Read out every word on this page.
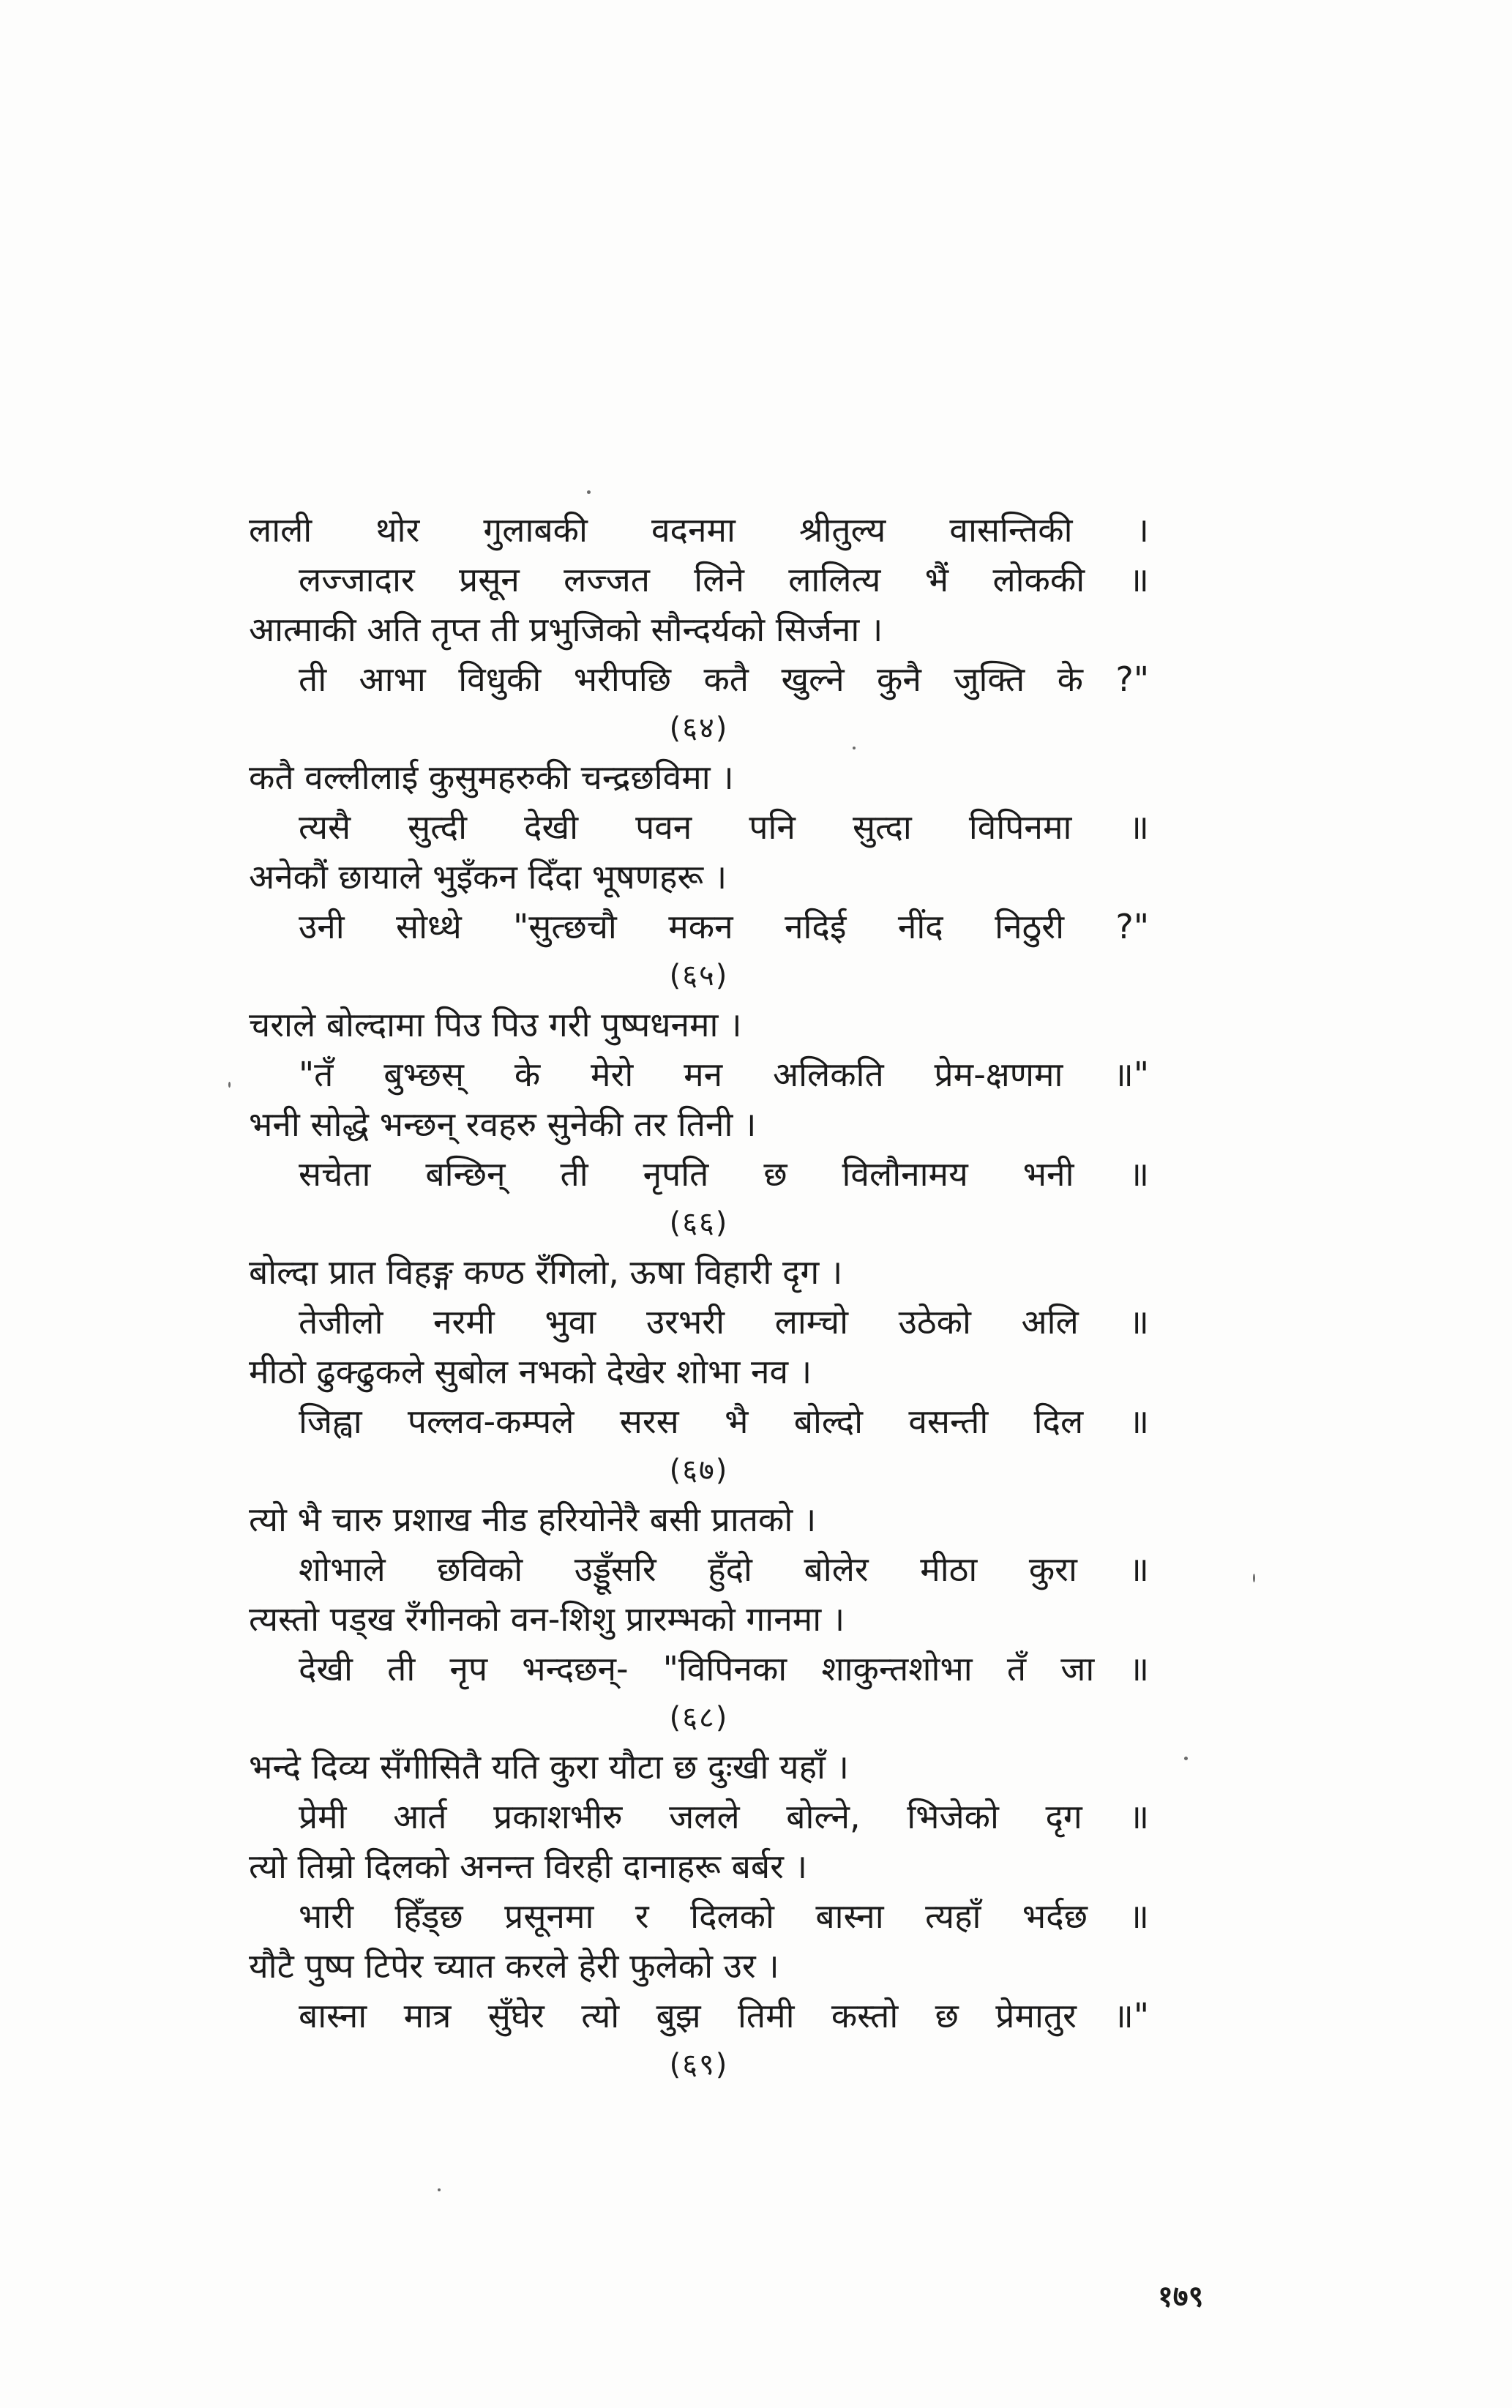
लाली थोर गुलाबकी वदनमा श्रीतुल्य वासन्तिकी ।
लज्जादार प्रसून लज्जत लिने लालित्य भैं लोककी ॥
आत्माकी अति तृप्त ती प्रभुजिको सौन्दर्यको सिर्जना ।
ती आभा विधुकी भरीपछि कतै खुल्ने कुनै जुक्ति के ?"
(६४)
कतै वल्लीलाई कुसुमहरुकी चन्द्रछविमा ।
त्यसै सुत्दी देखी पवन पनि सुत्दा विपिनमा ॥
अनेकौं छायाले भुइँकन दिँदा भूषणहरू ।
उनी सोध्थे "सुत्छचौ मकन नदिई नींद निठुरी ?"
(६५)
चराले बोल्दामा पिउ पिउ गरी पुष्पधनमा ।
"तँ बुभ्छस् के मेरो मन अलिकति प्रेम-क्षणमा ॥"
भनी सोद्धे भन्छन् रवहरु सुनेकी तर तिनी ।
सचेता बन्छिन् ती नृपति छ विलौनामय भनी ॥
(६६)
बोल्दा प्रात विहङ्ग कण्ठ रँगिलो, ऊषा विहारी दृग ।
तेजीलो नरमी भुवा उरभरी लाम्चो उठेको अलि ॥
मीठो ढुक्ढुकले सुबोल नभको देखेर शोभा नव ।
जिह्वा पल्लव-कम्पले सरस भै बोल्दो वसन्ती दिल ॥
(६७)
त्यो भै चारु प्रशाख नीड हरियोनेरै बसी प्रातको ।
शोभाले छविको उड्डूँसरि हुँदो बोलेर मीठा कुरा ॥
त्यस्तो पड्ख रँगीनको वन-शिशु प्रारम्भको गानमा ।
देखी ती नृप भन्दछन्- "विपिनका शाकुन्तशोभा तँ जा ॥
(६८)
भन्दे दिव्य सँगीसितै यति कुरा यौटा छ दुःखी यहाँ ।
प्रेमी आर्त प्रकाशभीरु जलले बोल्ने, भिजेको दृग ॥
त्यो तिम्रो दिलको अनन्त विरही दानाहरू बर्बर ।
भारी हिँड्छ प्रसूनमा र दिलको बास्ना त्यहाँ भर्दछ ॥
यौटै पुष्प टिपेर च्यात करले हेरी फुलेको उर ।
बास्ना मात्र सुँघेर त्यो बुझ तिमी कस्तो छ प्रेमातुर ॥"
(६९)
१७९
